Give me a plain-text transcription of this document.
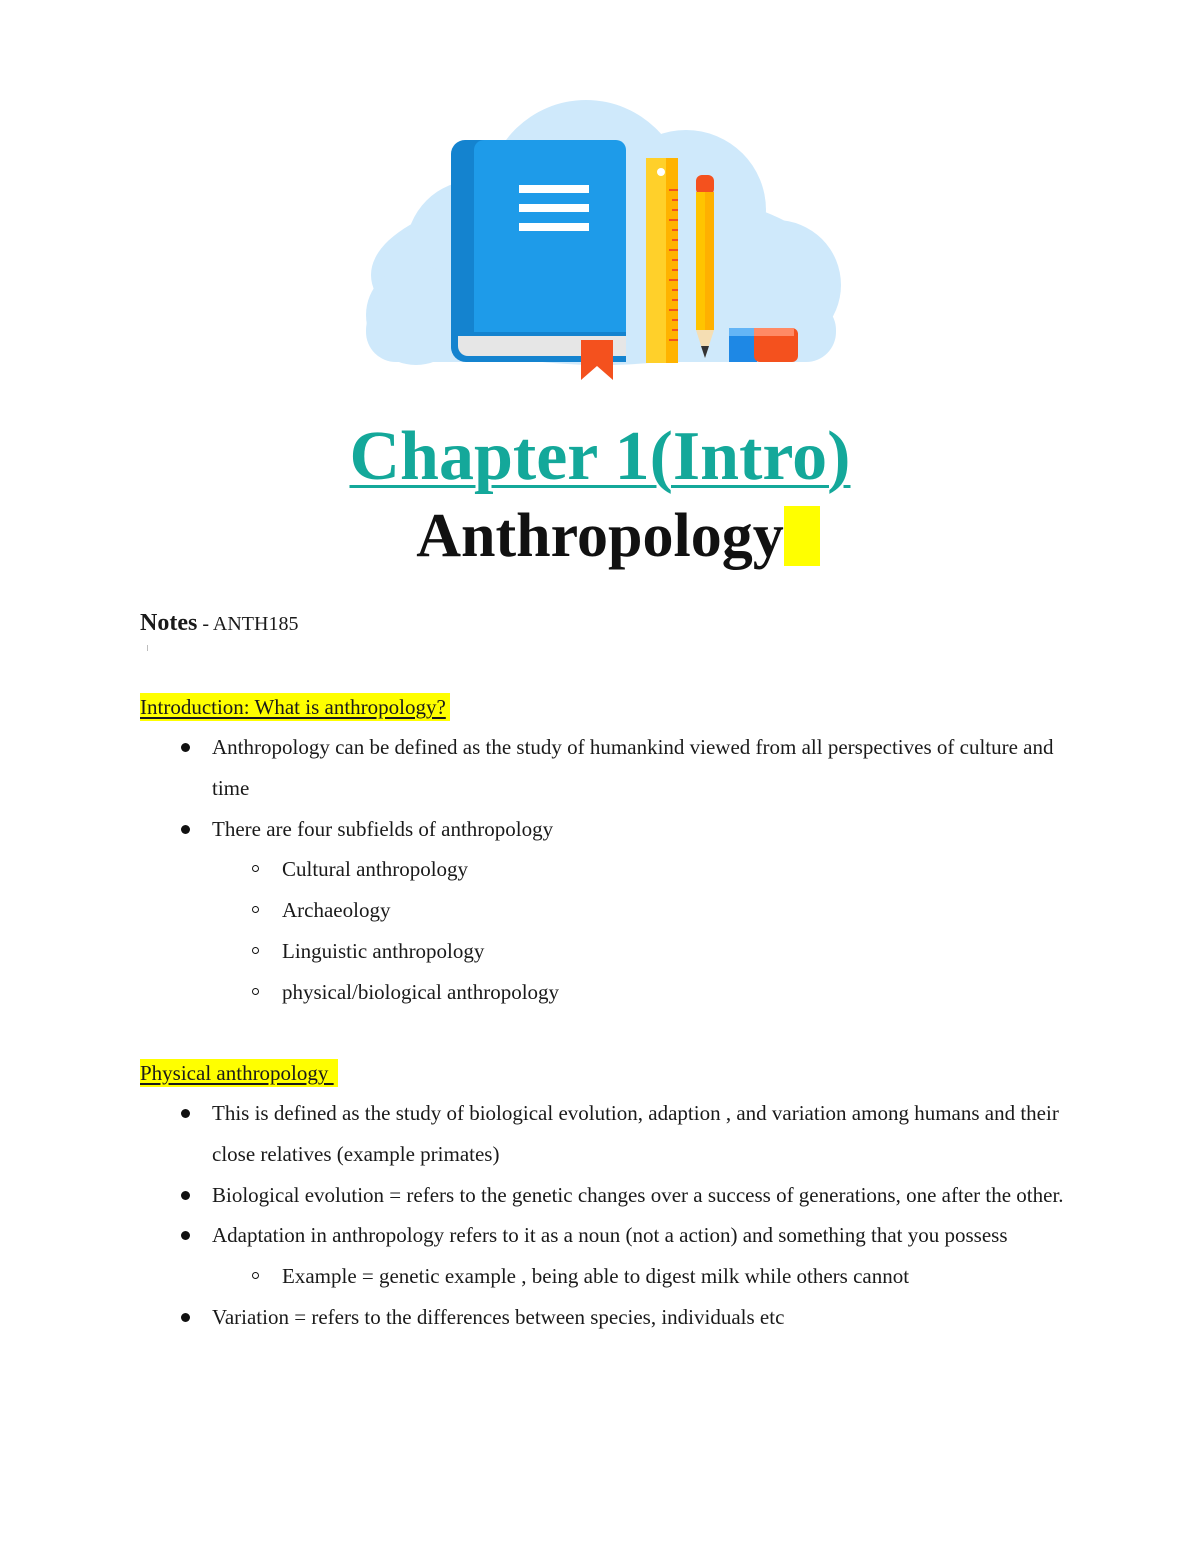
Chapter 1(Intro)
Anthropology
Notes - ANTH185
Introduction: What is anthropology?
Anthropology can be defined as the study of humankind viewed from all perspectives of culture and time
There are four subfields of anthropology
Cultural anthropology
Archaeology
Linguistic anthropology
physical/biological anthropology
Physical anthropology
This is defined as the study of biological evolution, adaption , and variation among humans and their close relatives (example primates)
Biological evolution = refers to the genetic changes over a success of generations, one after the other.
Adaptation in anthropology refers to it as a noun (not a action) and something that you possess
Example = genetic example , being able to digest milk while others cannot
Variation = refers to the differences between species, individuals etc
